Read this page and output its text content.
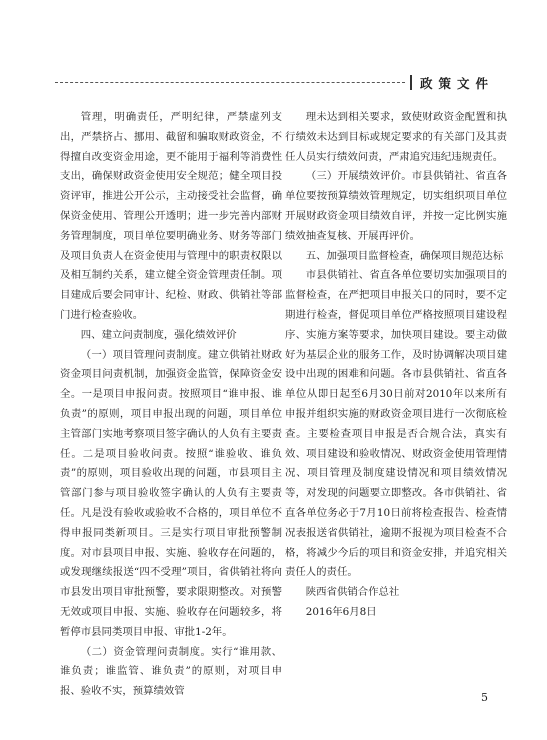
政策文件

管理，明确责任，严明纪律，严禁虚列支出，严禁挤占、挪用、截留和骗取财政资金，不得擅自改变资金用途，更不能用于福利等消费性支出，确保财政资金使用安全规范；健全项目投资评审，推进公开公示，主动接受社会监督，确保资金使用、管理公开透明；进一步完善内部财务管理制度，项目单位要明确业务、财务等部门及项目负责人在资金使用与管理中的职责权限以及相互制约关系，建立健全资金管理责任制。项目建成后要会同审计、纪检、财政、供销社等部门进行检查验收。

四、建立问责制度，强化绩效评价

（一）项目管理问责制度。建立供销社财政资金项目问责机制，加强资金监管，保障资金安全。一是项目申报问责。按照项目“谁申报、谁负责”的原则，项目申报出现的问题，项目单位主管部门实地考察项目签字确认的人负有主要责任。二是项目验收问责。按照“谁验收、谁负责”的原则，项目验收出现的问题，市县项目主管部门参与项目验收签字确认的人负有主要责任。凡是没有验收或验收不合格的，项目单位不得申报同类新项目。三是实行项目审批预警制度。对市县项目申报、实施、验收存在问题的，或发现继续报送“四不受理”项目，省供销社将向市县发出项目审批预警，要求限期整改。对预警无效或项目申报、实施、验收存在问题较多，将暂停市县同类项目申报、审批1-2年。

（二）资金管理问责制度。实行“谁用款、谁负责；谁监管、谁负责”的原则，对项目申报、验收不实，预算绩效管

理未达到相关要求，致使财政资金配置和执行绩效未达到目标或规定要求的有关部门及其责任人员实行绩效问责，严肃追究违纪违规责任。

（三）开展绩效评价。市县供销社、省直各单位要按预算绩效管理规定，切实组织项目单位开展财政资金项目绩效自评，并按一定比例实施绩效抽查复核、开展再评价。

五、加强项目监督检查，确保项目规范达标

市县供销社、省直各单位要切实加强项目的监督检查，在严把项目申报关口的同时，要不定期进行检查，督促项目单位严格按照项目建设程序、实施方案等要求，加快项目建设。要主动做好为基层企业的服务工作，及时协调解决项目建设中出现的困难和问题。各市县供销社、省直各单位从即日起至6月30日前对2010年以来所有申报并组织实施的财政资金项目进行一次彻底检查。主要检查项目申报是否合规合法，真实有效、项目建设和验收情况、财政资金使用管理情况、项目管理及制度建设情况和项目绩效情况等，对发现的问题要立即整改。各市供销社、省直各单位务必于7月10日前将检查报告、检查情况表报送省供销社，逾期不报视为项目检查不合格，将减少今后的项目和资金安排，并追究相关责任人的责任。

陕西省供销合作总社

2016年6月8日

5
